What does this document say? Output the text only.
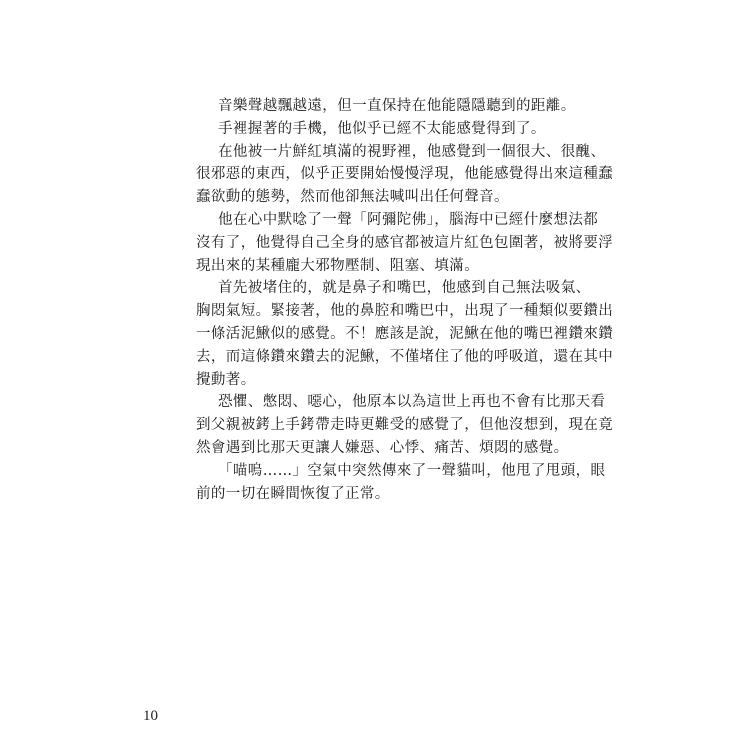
音樂聲越飄越遠，但一直保持在他能隱隱聽到的距離。
手裡握著的手機，他似乎已經不太能感覺得到了。
在他被一片鮮紅填滿的視野裡，他感覺到一個很大、很醜、
很邪惡的東西，似乎正要開始慢慢浮現，他能感覺得出來這種蠢
蠢欲動的態勢，然而他卻無法喊叫出任何聲音。
他在心中默唸了一聲「阿彌陀佛」，腦海中已經什麼想法都
沒有了，他覺得自己全身的感官都被這片紅色包圍著，被將要浮
現出來的某種龐大邪物壓制、阻塞、填滿。
首先被堵住的，就是鼻子和嘴巴，他感到自己無法吸氣、
胸悶氣短。緊接著，他的鼻腔和嘴巴中，出現了一種類似要鑽出
一條活泥鰍似的感覺。不！應該是說，泥鰍在他的嘴巴裡鑽來鑽
去，而這條鑽來鑽去的泥鰍，不僅堵住了他的呼吸道，還在其中
攪動著。
恐懼、憋悶、噁心，他原本以為這世上再也不會有比那天看
到父親被銬上手銬帶走時更難受的感覺了，但他沒想到，現在竟
然會遇到比那天更讓人嫌惡、心悸、痛苦、煩悶的感覺。
「喵嗚……」空氣中突然傳來了一聲貓叫，他甩了甩頭，眼
前的一切在瞬間恢復了正常。
10
